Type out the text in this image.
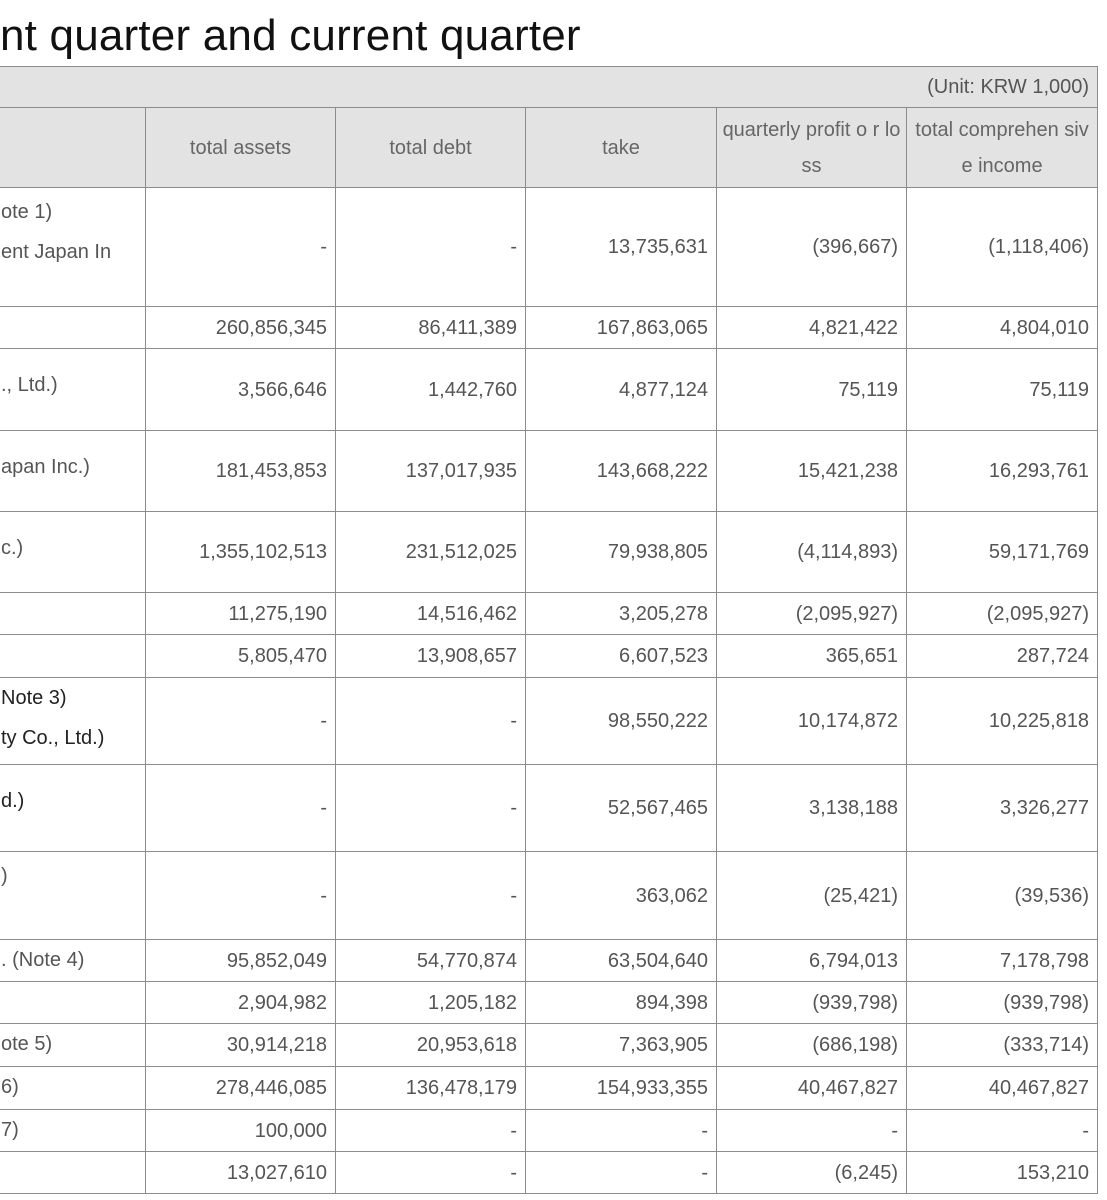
nt quarter and current quarter
(Unit: KRW 1,000)					
	total assets	total debt	take	quarterly profit o r loss	total comprehen sive income

ote 1)
ent Japan In	-	-	13,735,631	(396,667)	(1,118,406)
	260,856,345	86,411,389	167,863,065	4,821,422	4,804,010

., Ltd.)	3,566,646	1,442,760	4,877,124	75,119	75,119

apan Inc.)	181,453,853	137,017,935	143,668,222	15,421,238	16,293,761

c.)	1,355,102,513	231,512,025	79,938,805	(4,114,893)	59,171,769
	11,275,190	14,516,462	3,205,278	(2,095,927)	(2,095,927)
	5,805,470	13,908,657	6,607,523	365,651	287,724

Note 3)
ty Co., Ltd.)	-	-	98,550,222	10,174,872	10,225,818

d.)	-	-	52,567,465	3,138,188	3,326,277

)	-	-	363,062	(25,421)	(39,536)
. (Note 4)	95,852,049	54,770,874	63,504,640	6,794,013	7,178,798
	2,904,982	1,205,182	894,398	(939,798)	(939,798)
ote 5)	30,914,218	20,953,618	7,363,905	(686,198)	(333,714)
6)	278,446,085	136,478,179	154,933,355	40,467,827	40,467,827
7)	100,000	-	-	-	-
	13,027,610	-	-	(6,245)	153,210
